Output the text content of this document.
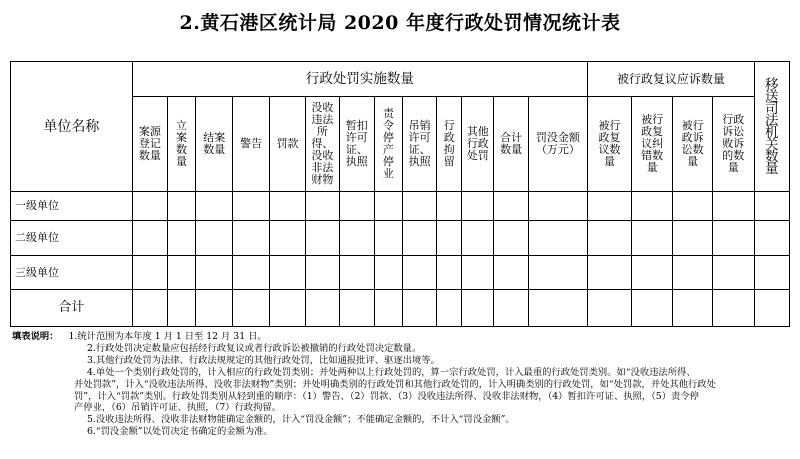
2.黄石港区统计局 2020 年度行政处罚情况统计表
单位名称	行政处罚实施数量													被行政复议应诉数量				移送司法机关数量
	案源登记数量	立案数量	结案数量	警告	罚款	没收违法所得、没收非法财物	暂扣许可证、执照	责令停产停业	吊销许可证、执照	行政拘留	其他行政处罚	合计数量	罚没金额（万元）	被行政复议数量	被行政复议纠错数量	被行政诉讼数量	行政诉讼败诉的数量	
一级单位																		
二级单位																		
三级单位																		
合计																		
填表说明： 1.统计范围为本年度 1 月 1 日至 12 月 31 日。
2.行政处罚决定数量应包括经行政复议或者行政诉讼被撤销的行政处罚决定数量。
3.其他行政处罚为法律、行政法规规定的其他行政处罚，比如通报批评、驱逐出境等。
4.单处一个类别行政处罚的，计入相应的行政处罚类别；并处两种以上行政处罚的，算一宗行政处罚，计入最重的行政处罚类别。如“没收违法所得、
并处罚款”，计入“没收违法所得、没收非法财物”类别；并处明确类别的行政处罚和其他行政处罚的，计入明确类别的行政处罚，如“处罚款，并处其他行政处
罚”，计入“罚款”类别。行政处罚类别从轻到重的顺序：（1）警告、（2）罚款、（3）没收违法所得、没收非法财物，（4）暂扣许可证、执照，（5）责令停
产停业，（6）吊销许可证、执照，（7）行政拘留。
5.没收违法所得、没收非法财物能确定金额的，计入“罚没金额”；不能确定金额的，不计入“罚没金额”。
6.“罚没金额”以处罚决定书确定的金额为准。
